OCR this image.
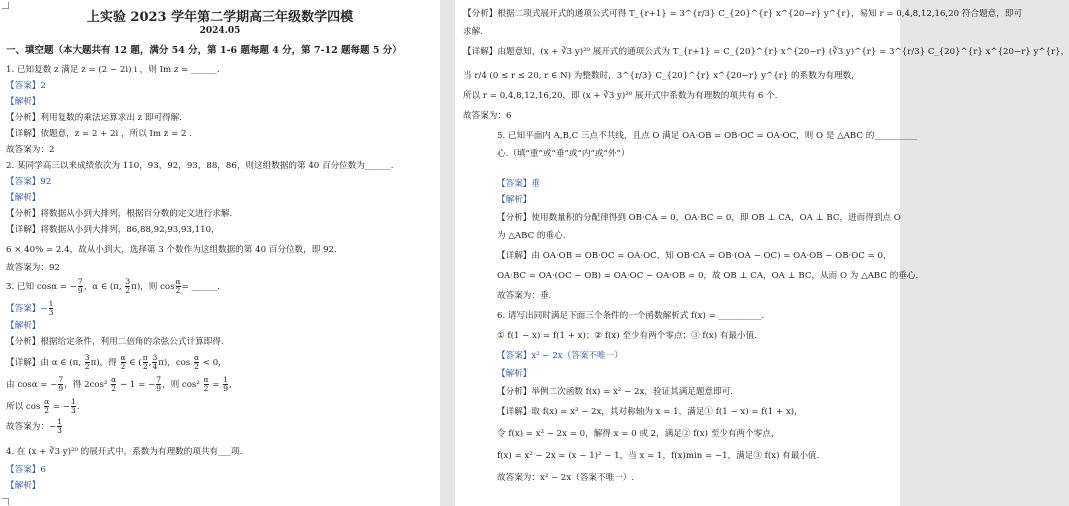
上实验 2023 学年第二学期高三年级数学四模
2024.05
一、填空题（本大题共有 12 题，满分 54 分，第 1-6 题每题 4 分，第 7-12 题每题 5 分）
1. 已知复数 z 满足 z = (2 − 2i) i ，则 Im z = ______.
【答案】2
【解析】
【分析】利用复数的乘法运算求出 z 即可得解.
【详解】依题意，z = 2 + 2i ，所以 Im z = 2 .
故答案为：2
2. 某同学高三以来成绩依次为 110，93，92，93，88，86，则这组数据的第 40 百分位数为______.
【答案】92
【解析】
【分析】将数据从小到大排列，根据百分数的定义进行求解.
【详解】将数据从小到大排列，86,88,92,93,93,110，
6 × 40% = 2.4，故从小到大，选择第 3 个数作为这组数据的第 40 百分位数，即 92.
故答案为：92
3. 已知 cosα = − $\frac{7}{9}$ ，α ∈ (π, $\frac{3}{2} \pi$)，则 $\cos \frac{\alpha}{2}$ = ______.
【答案】− $\frac{1}{3}$
【解析】
【分析】根据给定条件，利用二倍角的余弦公式计算即得.
【详解】由 α ∈ (π, $\frac{3}{2} \pi$)，得 $\frac{\alpha}{2}$ ∈ ( $\frac{\pi}{2}$ , $\frac{3}{4} \pi$)，$\cos \frac{\alpha}{2} < 0$，
由 cosα = − $\frac{7}{9}$ ，得 $2\cos^2 \frac{\alpha}{2} - 1$ = − $\frac{7}{9}$ ，则 $\cos^2 \frac{\alpha}{2} = \frac{1}{9}$ ,
所以 $\cos \frac{\alpha}{2}$ = − $\frac{1}{3}$ .
故答案为：− $\frac{1}{3}$
4. 在 (x + ∛3 y)²⁰ 的展开式中，系数为有理数的项共有___项.
【答案】6
【解析】
【分析】根据二项式展开式的通项公式可得 T_{r+1} = 3^{r/3} C_{20}^{r} x^{20−r} y^{r}，易知 r = 0,4,8,12,16,20 符合题意，即可
求解.
【详解】由题意知，(x + ∛3 y)²⁰ 展开式的通项公式为 T_{r+1} = C_{20}^{r} x^{20−r} (∛3 y)^{r} = 3^{r/3} C_{20}^{r} x^{20−r} y^{r}，
当 r/4 (0 ≤ r ≤ 20, r ∈ N) 为整数时，3^{r/3} C_{20}^{r} x^{20−r} y^{r} 的系数为有理数，
所以 r = 0,4,8,12,16,20，即 (x + ∛3 y)²⁰ 展开式中系数为有理数的项共有 6 个.
故答案为：6
5. 已知平面内 A,B,C 三点不共线，且点 O 满足 OA·OB = OB·OC = OA·OC，则 O 是 △ABC 的__________
心.（填“重”或“垂”或“内”或“外”）
【答案】垂
【解析】
【分析】使用数量积的分配律得到 OB·CA = 0，OA·BC = 0，即 OB ⊥ CA，OA ⊥ BC，进而得到点 O
为 △ABC 的垂心.
【详解】由 OA·OB = OB·OC = OA·OC，知 OB·CA = OB·(OA − OC) = OA·OB − OB·OC = 0，
OA·BC = OA·(OC − OB) = OA·OC − OA·OB = 0，故 OB ⊥ CA，OA ⊥ BC，从而 O 为 △ABC 的垂心.
故答案为：垂.
6. 请写出同时满足下面三个条件的一个函数解析式 f(x) = __________.
① f(1 − x) = f(1 + x)；② f(x) 至少有两个零点；③ f(x) 有最小值.
【答案】x² − 2x（答案不唯一）
【解析】
【分析】举例二次函数 f(x) = x² − 2x，验证其满足题意即可.
【详解】取 f(x) = x² − 2x，其对称轴为 x = 1，满足① f(1 − x) = f(1 + x)，
令 f(x) = x² − 2x = 0，解得 x = 0 或 2，满足② f(x) 至少有两个零点，
f(x) = x² − 2x = (x − 1)² − 1，当 x = 1，f(x)min = −1，满足③ f(x) 有最小值.
故答案为：x² − 2x（答案不唯一）.
